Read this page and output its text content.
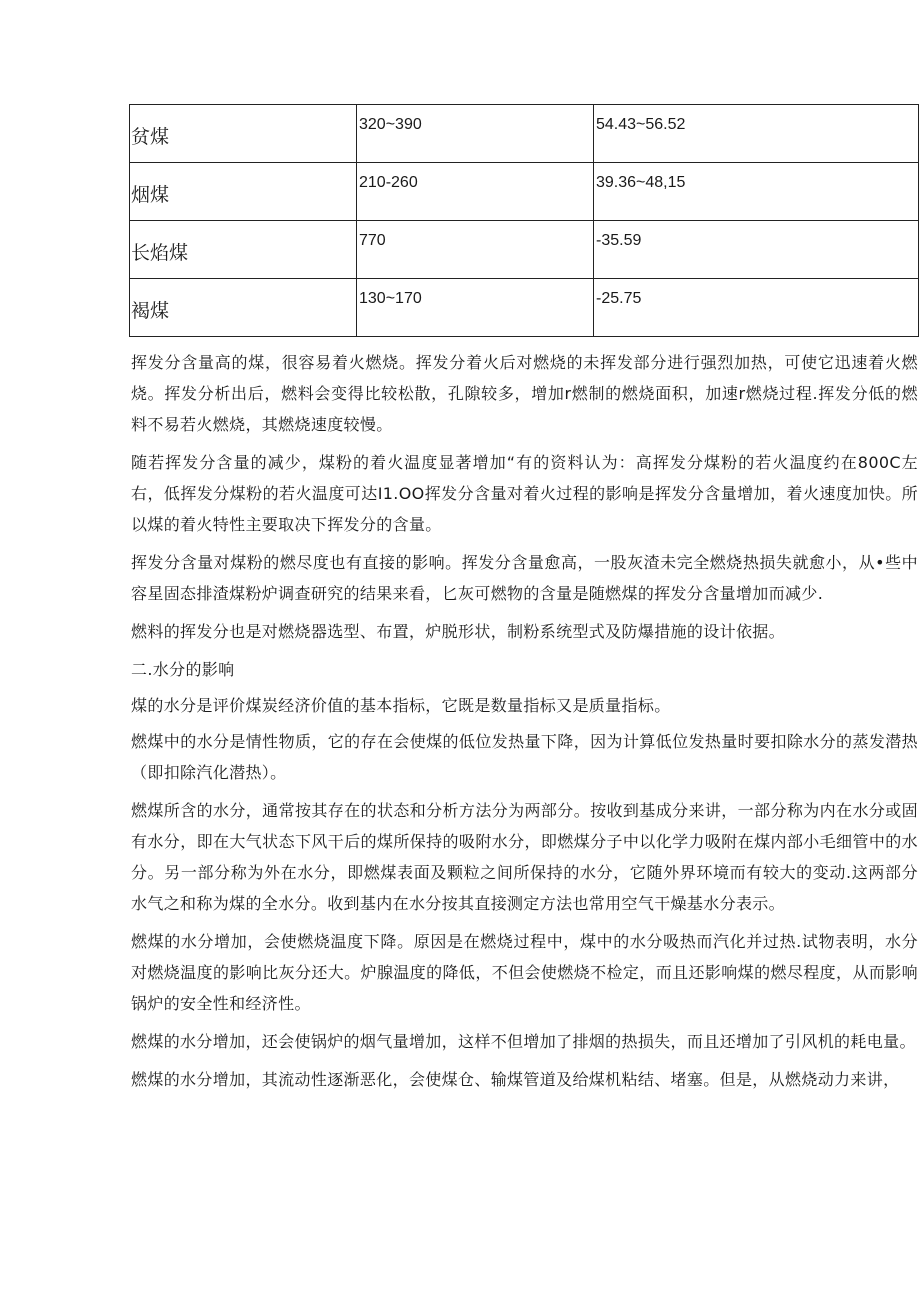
贫煤	320~390	54.43~56.52

烟煤	210-260	39.36~48,15

长焰煤	770	-35.59

褐煤	130~170	-25.75

挥发分含量高的煤，很容易着火燃烧。挥发分着火后对燃烧的未挥发部分进行强烈加热，可使它迅速着火燃烧。挥发分析出后，燃料会变得比较松散，孔隙较多，增加r燃制的燃烧面积，加速r燃烧过程.挥发分低的燃料不易若火燃烧，其燃烧速度较慢。

随若挥发分含量的减少，煤粉的着火温度显著增加“有的资料认为：高挥发分煤粉的若火温度约在800C左右，低挥发分煤粉的若火温度可达I1.OO挥发分含量对着火过程的影响是挥发分含量增加，着火速度加快。所以煤的着火特性主要取决下挥发分的含量。

挥发分含量对煤粉的燃尽度也有直接的影响。挥发分含量愈高，一股灰渣未完全燃烧热损失就愈小，从•些中容星固态排渣煤粉炉调查研究的结果来看，匕灰可燃物的含量是随燃煤的挥发分含量增加而减少.

燃料的挥发分也是对燃烧器选型、布置，炉脱形状，制粉系统型式及防爆措施的设计依据。

二.水分的影响

煤的水分是评价煤炭经济价值的基本指标，它既是数量指标又是质量指标。

燃煤中的水分是情性物质，它的存在会使煤的低位发热量下降，因为计算低位发热量时要扣除水分的蒸发潜热（即扣除汽化潜热）。

燃煤所含的水分，通常按其存在的状态和分析方法分为两部分。按收到基成分来讲，一部分称为内在水分或固有水分，即在大气状态下风干后的煤所保持的吸附水分，即燃煤分子中以化学力吸附在煤内部小毛细管中的水分。另一部分称为外在水分，即燃煤表面及颗粒之间所保持的水分，它随外界环境而有较大的变动.这两部分水气之和称为煤的全水分。收到基内在水分按其直接测定方法也常用空气干燥基水分表示。

燃煤的水分增加，会使燃烧温度下降。原因是在燃烧过程中，煤中的水分吸热而汽化并过热.试物表明，水分对燃烧温度的影响比灰分还大。炉腺温度的降低，不但会使燃烧不检定，而且还影响煤的燃尽程度，从而影响锅炉的安全性和经济性。

燃煤的水分增加，还会使锅炉的烟气量增加，这样不但增加了排烟的热损失，而且还增加了引风机的耗电量。

燃煤的水分增加，其流动性逐渐恶化，会使煤仓、输煤管道及给煤机粘结、堵塞。但是，从燃烧动力来讲，
